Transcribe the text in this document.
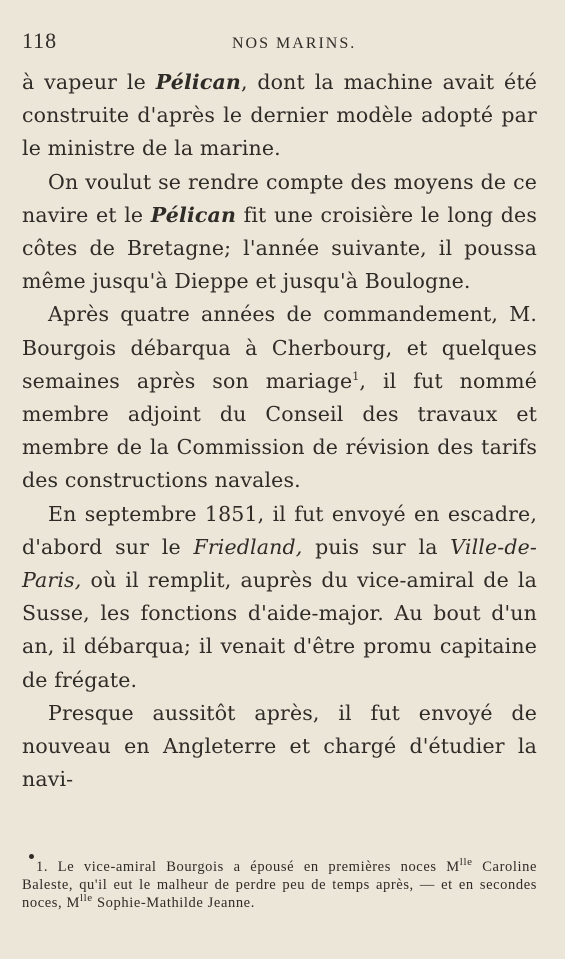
118	NOS MARINS.

à vapeur le Pélican, dont la machine avait été construite d'après le dernier modèle adopté par le ministre de la marine.

On voulut se rendre compte des moyens de ce navire et le Pélican fit une croisière le long des côtes de Bretagne; l'année suivante, il poussa même jusqu'à Dieppe et jusqu'à Boulogne.

Après quatre années de commandement, M. Bourgois débarqua à Cherbourg, et quelques semaines après son mariage$^1$, il fut nommé membre adjoint du Conseil des travaux et membre de la Commission de révision des tarifs des constructions navales.

En septembre 1851, il fut envoyé en escadre, d'abord sur le Friedland, puis sur la Ville-de-Paris, où il remplit, auprès du vice-amiral de la Susse, les fonctions d'aide-major. Au bout d'un an, il débarqua; il venait d'être promu capitaine de frégate.

Presque aussitôt après, il fut envoyé de nouveau en Angleterre et chargé d'étudier la navi-

1. Le vice-amiral Bourgois a épousé en premières noces $M^{lle}$ Caroline Baleste, qu'il eut le malheur de perdre peu de temps après, — et en secondes noces, $M^{lle}$ Sophie-Mathilde Jeanne.
